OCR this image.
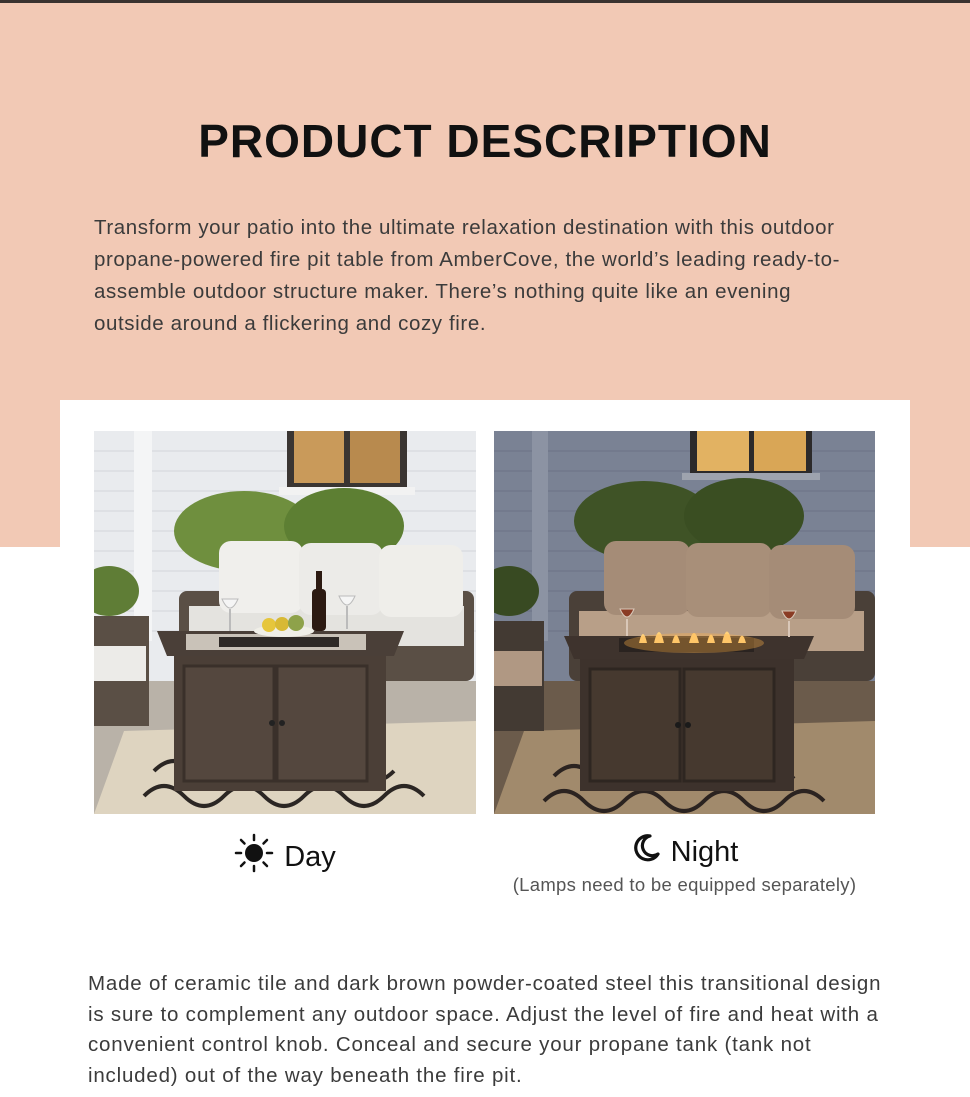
PRODUCT DESCRIPTION
Transform your patio into the ultimate relaxation destination with this outdoor propane-powered fire pit table from AmberCove, the world’s leading ready-to-assemble outdoor structure maker. There’s nothing quite like an evening outside around a flickering and cozy fire.
Day	Night
(Lamps need to be equipped separately)
Made of ceramic tile and dark brown powder-coated steel this transitional design is sure to complement any outdoor space. Adjust the level of fire and heat with a convenient control knob. Conceal and secure your propane tank (tank not included) out of the way beneath the fire pit.
